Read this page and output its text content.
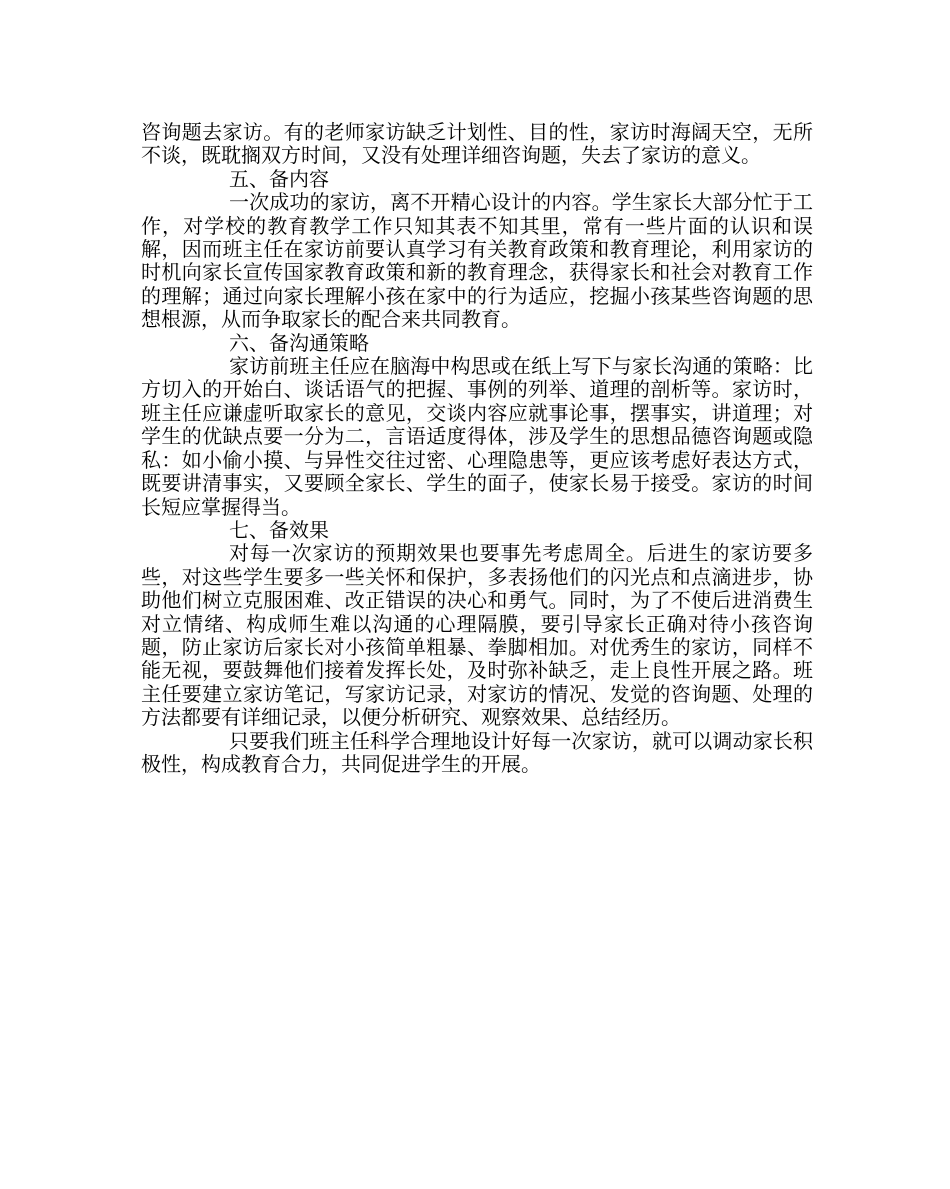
咨询题去家访。有的老师家访缺乏计划性、目的性，家访时海阔天空，无所不谈，既耽搁双方时间，又没有处理详细咨询题，失去了家访的意义。

五、备内容

一次成功的家访，离不开精心设计的内容。学生家长大部分忙于工作，对学校的教育教学工作只知其表不知其里，常有一些片面的认识和误解，因而班主任在家访前要认真学习有关教育政策和教育理论，利用家访的时机向家长宣传国家教育政策和新的教育理念，获得家长和社会对教育工作的理解；通过向家长理解小孩在家中的行为适应，挖掘小孩某些咨询题的思想根源，从而争取家长的配合来共同教育。

六、备沟通策略

家访前班主任应在脑海中构思或在纸上写下与家长沟通的策略：比方切入的开始白、谈话语气的把握、事例的列举、道理的剖析等。家访时，班主任应谦虚听取家长的意见，交谈内容应就事论事，摆事实，讲道理；对学生的优缺点要一分为二，言语适度得体，涉及学生的思想品德咨询题或隐私：如小偷小摸、与异性交往过密、心理隐患等，更应该考虑好表达方式，既要讲清事实，又要顾全家长、学生的面子，使家长易于接受。家访的时间长短应掌握得当。

七、备效果

对每一次家访的预期效果也要事先考虑周全。后进生的家访要多些，对这些学生要多一些关怀和保护，多表扬他们的闪光点和点滴进步，协助他们树立克服困难、改正错误的决心和勇气。同时，为了不使后进消费生对立情绪、构成师生难以沟通的心理隔膜，要引导家长正确对待小孩咨询题，防止家访后家长对小孩简单粗暴、拳脚相加。对优秀生的家访，同样不能无视，要鼓舞他们接着发挥长处，及时弥补缺乏，走上良性开展之路。班主任要建立家访笔记，写家访记录，对家访的情况、发觉的咨询题、处理的方法都要有详细记录，以便分析研究、观察效果、总结经历。

只要我们班主任科学合理地设计好每一次家访，就可以调动家长积极性，构成教育合力，共同促进学生的开展。
